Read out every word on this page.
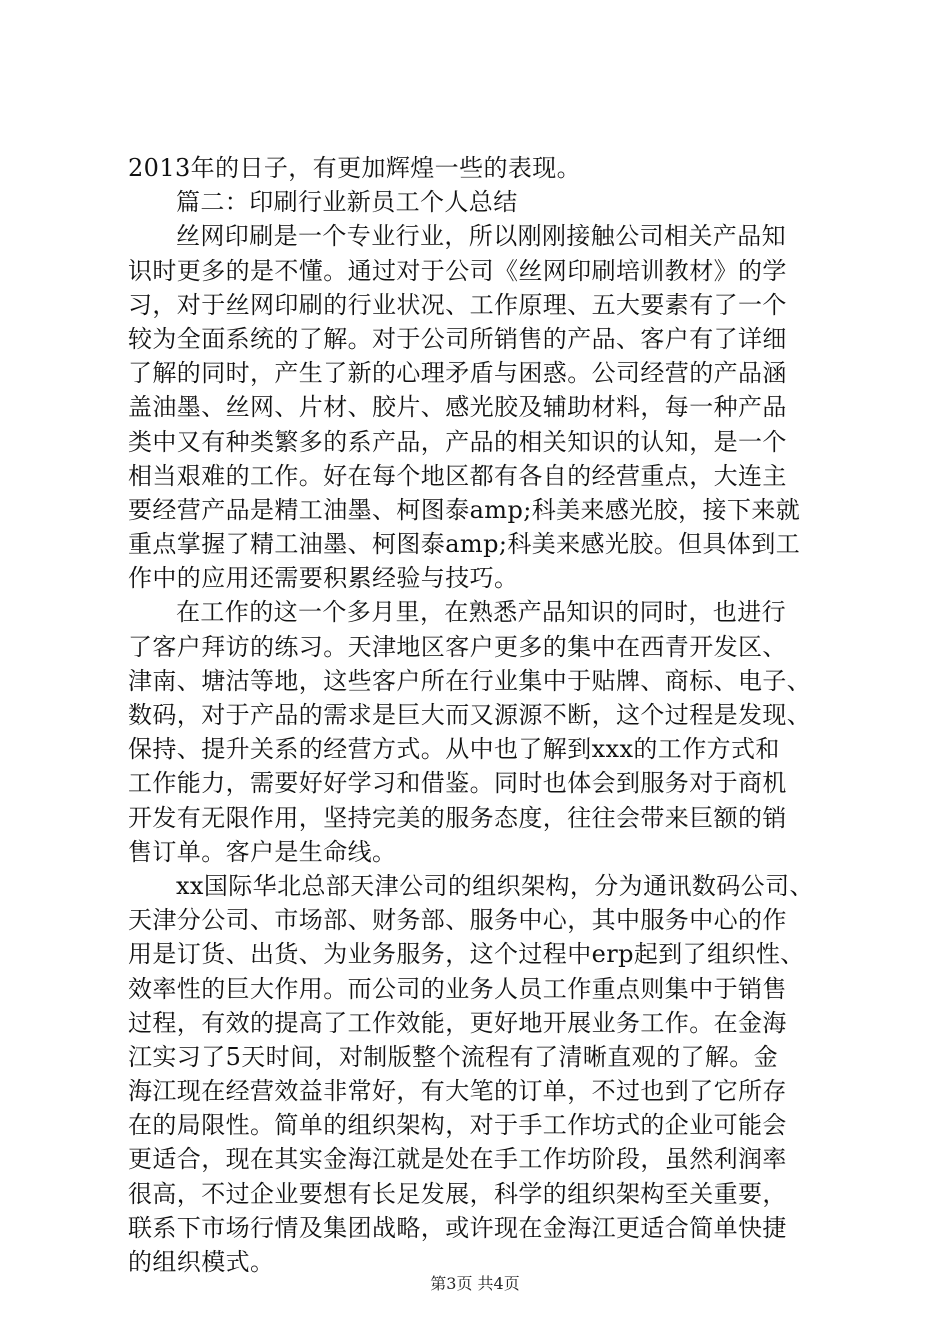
2013年的日子，有更加辉煌一些的表现。
篇二：印刷行业新员工个人总结
丝网印刷是一个专业行业，所以刚刚接触公司相关产品知
识时更多的是不懂。通过对于公司《丝网印刷培训教材》的学
习，对于丝网印刷的行业状况、工作原理、五大要素有了一个
较为全面系统的了解。对于公司所销售的产品、客户有了详细
了解的同时，产生了新的心理矛盾与困惑。公司经营的产品涵
盖油墨、丝网、片材、胶片、感光胶及辅助材料，每一种产品
类中又有种类繁多的系产品，产品的相关知识的认知，是一个
相当艰难的工作。好在每个地区都有各自的经营重点，大连主
要经营产品是精工油墨、柯图泰amp;科美来感光胶，接下来就
重点掌握了精工油墨、柯图泰amp;科美来感光胶。但具体到工
作中的应用还需要积累经验与技巧。
在工作的这一个多月里，在熟悉产品知识的同时，也进行
了客户拜访的练习。天津地区客户更多的集中在西青开发区、
津南、塘沽等地，这些客户所在行业集中于贴牌、商标、电子、
数码，对于产品的需求是巨大而又源源不断，这个过程是发现、
保持、提升关系的经营方式。从中也了解到xxx的工作方式和
工作能力，需要好好学习和借鉴。同时也体会到服务对于商机
开发有无限作用，坚持完美的服务态度，往往会带来巨额的销
售订单。客户是生命线。
xx国际华北总部天津公司的组织架构，分为通讯数码公司、
天津分公司、市场部、财务部、服务中心，其中服务中心的作
用是订货、出货、为业务服务，这个过程中erp起到了组织性、
效率性的巨大作用。而公司的业务人员工作重点则集中于销售
过程，有效的提高了工作效能，更好地开展业务工作。在金海
江实习了5天时间，对制版整个流程有了清晰直观的了解。金
海江现在经营效益非常好，有大笔的订单，不过也到了它所存
在的局限性。简单的组织架构，对于手工作坊式的企业可能会
更适合，现在其实金海江就是处在手工作坊阶段，虽然利润率
很高，不过企业要想有长足发展，科学的组织架构至关重要，
联系下市场行情及集团战略，或许现在金海江更适合简单快捷
的组织模式。
第3页 共4页
